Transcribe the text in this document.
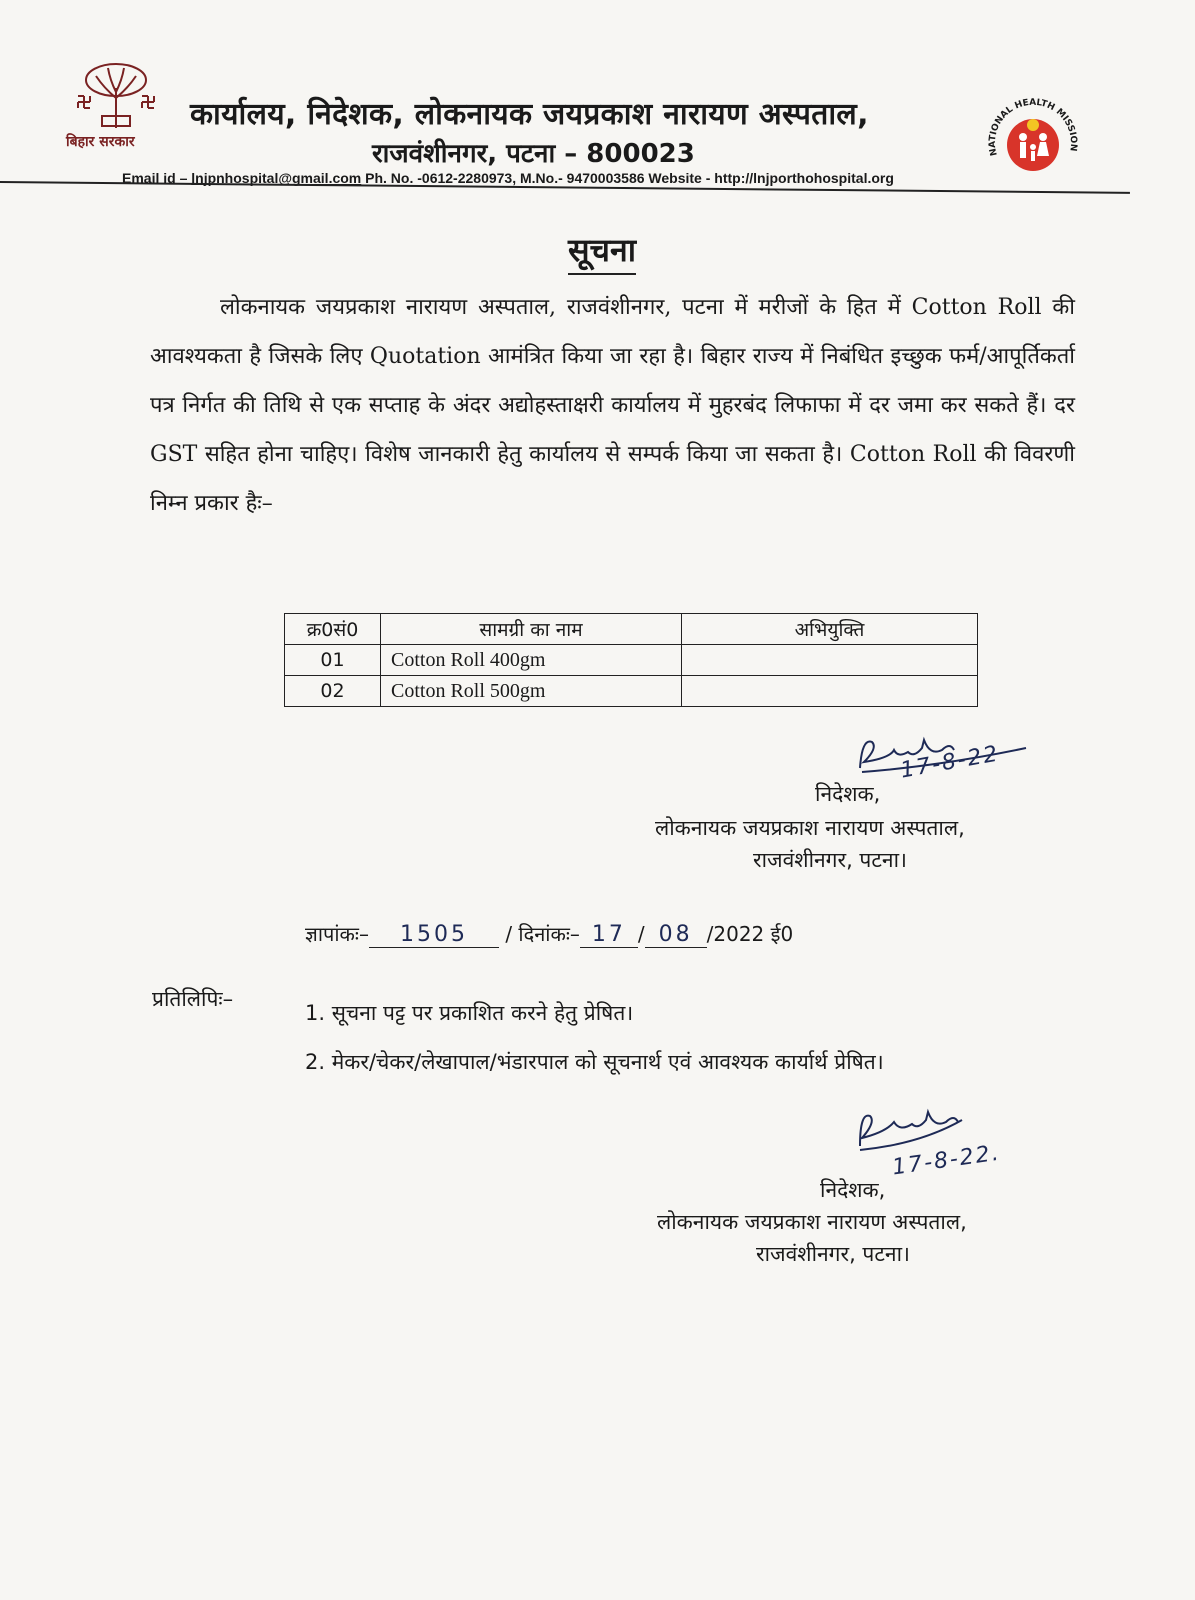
बिहार सरकार
कार्यालय, निदेशक, लोकनायक जयप्रकाश नारायण अस्पताल,
राजवंशीनगर, पटना – 800023	NATIONAL HEALTH MISSION
Email id – lnjpnhospital@gmail.com Ph. No. -0612-2280973, M.No.- 9470003586 Website - http://lnjporthohospital.org
सूचना

लोकनायक जयप्रकाश नारायण अस्पताल, राजवंशीनगर, पटना में मरीजों के हित में Cotton Roll की आवश्यकता है जिसके लिए Quotation आमंत्रित किया जा रहा है। बिहार राज्य में निबंधित इच्छुक फर्म/आपूर्तिकर्ता पत्र निर्गत की तिथि से एक सप्ताह के अंदर अद्योहस्ताक्षरी कार्यालय में मुहरबंद लिफाफा में दर जमा कर सकते हैं। दर GST सहित होना चाहिए। विशेष जानकारी हेतु कार्यालय से सम्पर्क किया जा सकता है। Cotton Roll की विवरणी निम्न प्रकार हैः–

क्र0सं0	सामग्री का नाम	अभियुक्ति
01	Cotton Roll 400gm	
02	Cotton Roll 500gm	
17-8-22
निदेशक,
लोकनायक जयप्रकाश नारायण अस्पताल,
राजवंशीनगर, पटना।
ज्ञापांकः– 1505 / दिनांकः– 17 / 08 /2022 ई0
प्रतिलिपिः–
1. सूचना पट्ट पर प्रकाशित करने हेतु प्रेषित।
2. मेकर/चेकर/लेखापाल/भंडारपाल को सूचनार्थ एवं आवश्यक कार्यार्थ प्रेषित।
17-8-22.
निदेशक,
लोकनायक जयप्रकाश नारायण अस्पताल,
राजवंशीनगर, पटना।
